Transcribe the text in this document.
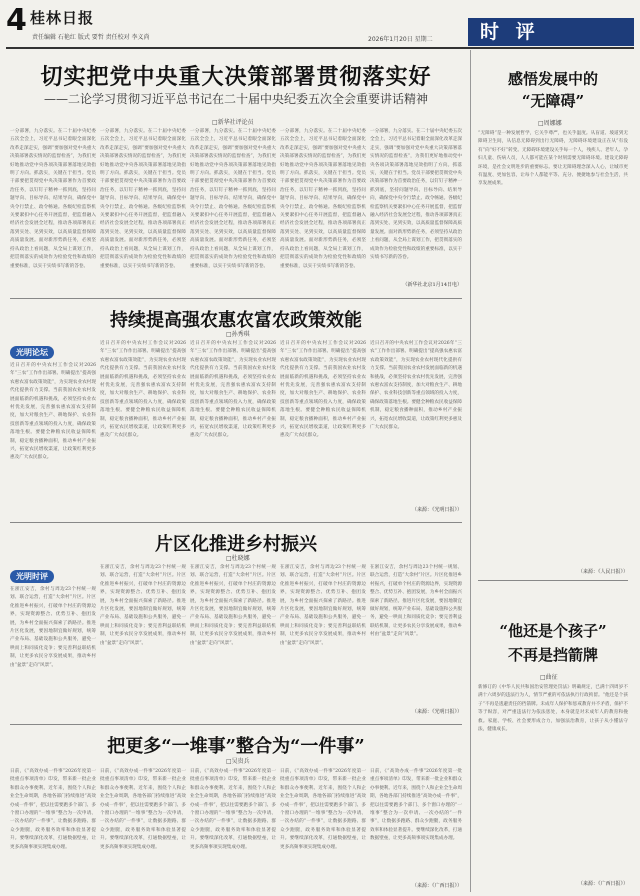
4 桂林日报
责任编辑 石艳红 版式 要哲 责任校对 李义尚	2026年1月20日 星期二 时 评
切实把党中央重大决策部署贯彻落实好
——二论学习贯彻习近平总书记在二十届中央纪委五次全会重要讲话精神
□新华社评论员
一分部署，九分落实。在二十届中央纪委五次全会上，习近平总书记着眼全面深化改革走深走实，强调“要加强对党中央重大决策部署落实情况的监督检查”，为我们更好地推动党中央各项决策部署落地见效指明了方向。抓落实，关键在于担当。党员干部要把贯彻党中央决策部署作为首要政治任务，以钉钉子精神一抓到底，坚持问题导向、目标导向、结果导向，确保党中央令行禁止、政令畅通。各级纪检监察机关要紧扣中心任务开展监督，把监督融入经济社会发展全过程，推动各项部署真正落到实处、见到实效，以高质量监督保障高质量发展。面对新形势新任务，必须坚持从政治上看问题，从全局上谋划工作，把贯彻落实的成效作为检验党性和政绩的重要标准，以实干实绩书写新的答卷。
一分部署，九分落实。在二十届中央纪委五次全会上，习近平总书记着眼全面深化改革走深走实，强调“要加强对党中央重大决策部署落实情况的监督检查”，为我们更好地推动党中央各项决策部署落地见效指明了方向。抓落实，关键在于担当。党员干部要把贯彻党中央决策部署作为首要政治任务，以钉钉子精神一抓到底，坚持问题导向、目标导向、结果导向，确保党中央令行禁止、政令畅通。各级纪检监察机关要紧扣中心任务开展监督，把监督融入经济社会发展全过程，推动各项部署真正落到实处、见到实效，以高质量监督保障高质量发展。面对新形势新任务，必须坚持从政治上看问题，从全局上谋划工作，把贯彻落实的成效作为检验党性和政绩的重要标准，以实干实绩书写新的答卷。
一分部署，九分落实。在二十届中央纪委五次全会上，习近平总书记着眼全面深化改革走深走实，强调“要加强对党中央重大决策部署落实情况的监督检查”，为我们更好地推动党中央各项决策部署落地见效指明了方向。抓落实，关键在于担当。党员干部要把贯彻党中央决策部署作为首要政治任务，以钉钉子精神一抓到底，坚持问题导向、目标导向、结果导向，确保党中央令行禁止、政令畅通。各级纪检监察机关要紧扣中心任务开展监督，把监督融入经济社会发展全过程，推动各项部署真正落到实处、见到实效，以高质量监督保障高质量发展。面对新形势新任务，必须坚持从政治上看问题，从全局上谋划工作，把贯彻落实的成效作为检验党性和政绩的重要标准，以实干实绩书写新的答卷。
一分部署，九分落实。在二十届中央纪委五次全会上，习近平总书记着眼全面深化改革走深走实，强调“要加强对党中央重大决策部署落实情况的监督检查”，为我们更好地推动党中央各项决策部署落地见效指明了方向。抓落实，关键在于担当。党员干部要把贯彻党中央决策部署作为首要政治任务，以钉钉子精神一抓到底，坚持问题导向、目标导向、结果导向，确保党中央令行禁止、政令畅通。各级纪检监察机关要紧扣中心任务开展监督，把监督融入经济社会发展全过程，推动各项部署真正落到实处、见到实效，以高质量监督保障高质量发展。面对新形势新任务，必须坚持从政治上看问题，从全局上谋划工作，把贯彻落实的成效作为检验党性和政绩的重要标准，以实干实绩书写新的答卷。
一分部署，九分落实。在二十届中央纪委五次全会上，习近平总书记着眼全面深化改革走深走实，强调“要加强对党中央重大决策部署落实情况的监督检查”，为我们更好地推动党中央各项决策部署落地见效指明了方向。抓落实，关键在于担当。党员干部要把贯彻党中央决策部署作为首要政治任务，以钉钉子精神一抓到底，坚持问题导向、目标导向、结果导向，确保党中央令行禁止、政令畅通。各级纪检监察机关要紧扣中心任务开展监督，把监督融入经济社会发展全过程，推动各项部署真正落到实处、见到实效，以高质量监督保障高质量发展。面对新形势新任务，必须坚持从政治上看问题，从全局上谋划工作，把贯彻落实的成效作为检验党性和政绩的重要标准，以实干实绩书写新的答卷。
（新华社北京1月14日电）
持续提高强农惠农富农政策效能
□孙秀琪
光明论坛
近日召开的中央农村工作会议对2026年“三农”工作作出部署。明确提出“提高强农惠农富农政策效能”，为实现农业农村现代化提供有力支撑。当前我国农业农村发展面临新的机遇和挑战，必须坚持农业农村优先发展，完善强农惠农富农支持制度，加大对粮食生产、耕地保护、农业科技创新等重点领域的投入力度，确保政策落地生根。要健全种粮农民收益保障机制，稳定粮食播种面积，推动乡村产业振兴，拓宽农民增收渠道，让政策红利更多惠及广大农民群众。
近日召开的中央农村工作会议对2026年“三农”工作作出部署。明确提出“提高强农惠农富农政策效能”，为实现农业农村现代化提供有力支撑。当前我国农业农村发展面临新的机遇和挑战，必须坚持农业农村优先发展，完善强农惠农富农支持制度，加大对粮食生产、耕地保护、农业科技创新等重点领域的投入力度，确保政策落地生根。要健全种粮农民收益保障机制，稳定粮食播种面积，推动乡村产业振兴，拓宽农民增收渠道，让政策红利更多惠及广大农民群众。
近日召开的中央农村工作会议对2026年“三农”工作作出部署。明确提出“提高强农惠农富农政策效能”，为实现农业农村现代化提供有力支撑。当前我国农业农村发展面临新的机遇和挑战，必须坚持农业农村优先发展，完善强农惠农富农支持制度，加大对粮食生产、耕地保护、农业科技创新等重点领域的投入力度，确保政策落地生根。要健全种粮农民收益保障机制，稳定粮食播种面积，推动乡村产业振兴，拓宽农民增收渠道，让政策红利更多惠及广大农民群众。
近日召开的中央农村工作会议对2026年“三农”工作作出部署。明确提出“提高强农惠农富农政策效能”，为实现农业农村现代化提供有力支撑。当前我国农业农村发展面临新的机遇和挑战，必须坚持农业农村优先发展，完善强农惠农富农支持制度，加大对粮食生产、耕地保护、农业科技创新等重点领域的投入力度，确保政策落地生根。要健全种粮农民收益保障机制，稳定粮食播种面积，推动乡村产业振兴，拓宽农民增收渠道，让政策红利更多惠及广大农民群众。
近日召开的中央农村工作会议对2026年“三农”工作作出部署。明确提出“提高强农惠农富农政策效能”，为实现农业农村现代化提供有力支撑。当前我国农业农村发展面临新的机遇和挑战，必须坚持农业农村优先发展，完善强农惠农富农支持制度，加大对粮食生产、耕地保护、农业科技创新等重点领域的投入力度，确保政策落地生根。要健全种粮农民收益保障机制，稳定粮食播种面积，推动乡村产业振兴，拓宽农民增收渠道，让政策红利更多惠及广大农民群众。
（来源：《光明日报》）
片区化推进乡村振兴
□杜晓娜
光明时评
在浙江安吉，余村与周边23个村统一规划、联合运营，打造“大余村”片区。片区化推进乡村振兴，打破单个村庄的资源边界，实现资源整合、优势互补、抱团发展，为乡村全面振兴探索了新路径。推进片区化发展，要因地制宜做好规划，统筹产业布局、基础设施和公共服务，避免一哄而上和同质化竞争；要完善利益联结机制，让更多农民分享发展成果，推动乡村由“盆景”走向“风景”。
在浙江安吉，余村与周边23个村统一规划、联合运营，打造“大余村”片区。片区化推进乡村振兴，打破单个村庄的资源边界，实现资源整合、优势互补、抱团发展，为乡村全面振兴探索了新路径。推进片区化发展，要因地制宜做好规划，统筹产业布局、基础设施和公共服务，避免一哄而上和同质化竞争；要完善利益联结机制，让更多农民分享发展成果，推动乡村由“盆景”走向“风景”。
在浙江安吉，余村与周边23个村统一规划、联合运营，打造“大余村”片区。片区化推进乡村振兴，打破单个村庄的资源边界，实现资源整合、优势互补、抱团发展，为乡村全面振兴探索了新路径。推进片区化发展，要因地制宜做好规划，统筹产业布局、基础设施和公共服务，避免一哄而上和同质化竞争；要完善利益联结机制，让更多农民分享发展成果，推动乡村由“盆景”走向“风景”。
在浙江安吉，余村与周边23个村统一规划、联合运营，打造“大余村”片区。片区化推进乡村振兴，打破单个村庄的资源边界，实现资源整合、优势互补、抱团发展，为乡村全面振兴探索了新路径。推进片区化发展，要因地制宜做好规划，统筹产业布局、基础设施和公共服务，避免一哄而上和同质化竞争；要完善利益联结机制，让更多农民分享发展成果，推动乡村由“盆景”走向“风景”。
在浙江安吉，余村与周边23个村统一规划、联合运营，打造“大余村”片区。片区化推进乡村振兴，打破单个村庄的资源边界，实现资源整合、优势互补、抱团发展，为乡村全面振兴探索了新路径。推进片区化发展，要因地制宜做好规划，统筹产业布局、基础设施和公共服务，避免一哄而上和同质化竞争；要完善利益联结机制，让更多农民分享发展成果，推动乡村由“盆景”走向“风景”。
（来源：《光明日报》）
把更多“一堆事”整合为“一件事”
□吴贵兵
日前，《“高效办成一件事”2026年度第一批重点事项清单》印发，带来新一批企业和群众办事便利。近年来，围绕个人和企业全生命周期，各地各部门持续推进“高效办成一件事”，把以往需要跑多个部门、多个窗口办理的“一堆事”整合为一次申请、一次办结的“一件事”，让数据多跑路、群众少跑腿，政务服务效率和体验显著提升。要继续深化改革，打通数据壁垒，让更多高频事项实现集成办理。
日前，《“高效办成一件事”2026年度第一批重点事项清单》印发，带来新一批企业和群众办事便利。近年来，围绕个人和企业全生命周期，各地各部门持续推进“高效办成一件事”，把以往需要跑多个部门、多个窗口办理的“一堆事”整合为一次申请、一次办结的“一件事”，让数据多跑路、群众少跑腿，政务服务效率和体验显著提升。要继续深化改革，打通数据壁垒，让更多高频事项实现集成办理。
日前，《“高效办成一件事”2026年度第一批重点事项清单》印发，带来新一批企业和群众办事便利。近年来，围绕个人和企业全生命周期，各地各部门持续推进“高效办成一件事”，把以往需要跑多个部门、多个窗口办理的“一堆事”整合为一次申请、一次办结的“一件事”，让数据多跑路、群众少跑腿，政务服务效率和体验显著提升。要继续深化改革，打通数据壁垒，让更多高频事项实现集成办理。
日前，《“高效办成一件事”2026年度第一批重点事项清单》印发，带来新一批企业和群众办事便利。近年来，围绕个人和企业全生命周期，各地各部门持续推进“高效办成一件事”，把以往需要跑多个部门、多个窗口办理的“一堆事”整合为一次申请、一次办结的“一件事”，让数据多跑路、群众少跑腿，政务服务效率和体验显著提升。要继续深化改革，打通数据壁垒，让更多高频事项实现集成办理。
日前，《“高效办成一件事”2026年度第一批重点事项清单》印发，带来新一批企业和群众办事便利。近年来，围绕个人和企业全生命周期，各地各部门持续推进“高效办成一件事”，把以往需要跑多个部门、多个窗口办理的“一堆事”整合为一次申请、一次办结的“一件事”，让数据多跑路、群众少跑腿，政务服务效率和体验显著提升。要继续深化改革，打通数据壁垒，让更多高频事项实现集成办理。
（来源：《广西日报》）
感悟发展中的
“无障碍”
□周娜娜
“无障碍”是一种发展哲学，它关乎尊严，也关乎温度。从盲道、坡道到无障碍卫生间，从信息无障碍到出行无障碍，无障碍环境建设正在从“有没有”向“好不好”转变。无障碍环境建设关乎每一个人，残疾人、老年人、孕妇儿童、伤病人员，人人都可能在某个时刻需要无障碍环境。建设无障碍环境，是社会文明进步的重要标志。要让无障碍理念深入人心，让城市更有温度、更加包容，让每个人都能平等、充分、便捷地参与社会生活，共享发展成果。
（来源：《人民日报》）
“他还是个孩子”
不再是挡箭牌
□曲征
新修订的《中华人民共和国治安管理处罚法》明确规定，已满十四周岁不满十六周岁的违法行为人，情节严重的可依法执行行政拘留。“他还是个孩子”不再是逃避责任的挡箭牌。未成年人保护和惩戒教育并不矛盾，保护不等于纵容，对严重违法行为依法惩处，本身就是对未成年人的教育和挽救。家庭、学校、社会要形成合力，加强法治教育，让孩子从小懂法守法，健康成长。
（来源：《广西日报》）
